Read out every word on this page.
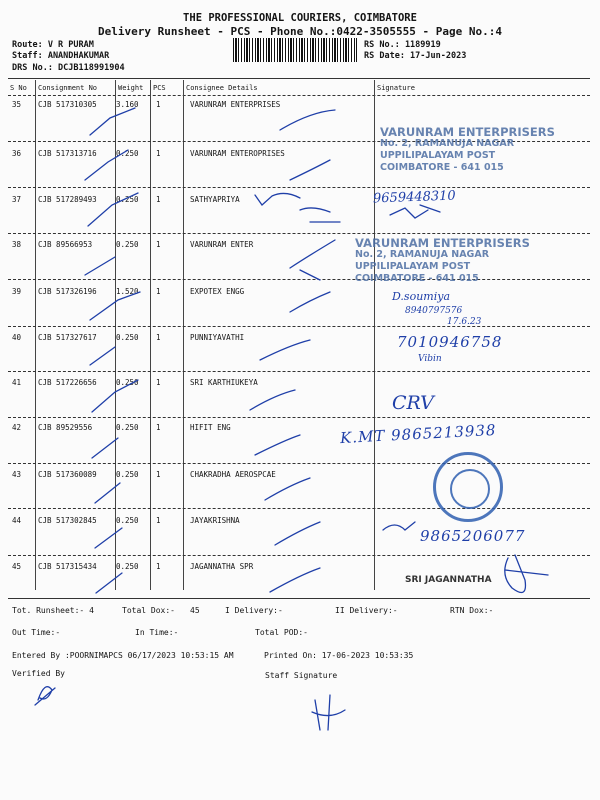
THE PROFESSIONAL COURIERS, COIMBATORE
Delivery Runsheet - PCS - Phone No.:0422-3505555 - Page No.:4
Route: V R PURAM
Staff: ANANDHAKUMAR
DRS No.: DCJB118991904
RS No.: 1189919
RS Date: 17-Jun-2023
S No Consignment No	Weight PCS	Consignee Details	Signature
35 CJB 517310305	3.160 1	VARUNRAM ENTERPRISES
36 CJB 517313716	0.250 1	VARUNRAM ENTEROPRISES
37 CJB 517289493	0.250 1	SATHYAPRIYA
38 CJB 89566953	0.250 1	VARUNRAM ENTER
39 CJB 517326196	1.520 1	EXPOTEX ENGG
40 CJB 517327617	0.250 1	PUNNIYAVATHI
41 CJB 517226656	0.250 1	SRI KARTHIUKEYA
42 CJB 89529556	0.250 1	HIFIT ENG
43 CJB 517360089	0.250 1	CHAKRADHA AEROSPCAE
44 CJB 517302845	0.250 1	JAYAKRISHNA
45 CJB 517315434	0.250 1	JAGANNATHA SPR
VARUNRAM ENTERPRISERS
No. 2, RAMANUJA NAGAR
UPPILIPALAYAM POST
COIMBATORE - 641 015
VARUNRAM ENTERPRISERS
No. 2, RAMANUJA NAGAR
UPPILIPALAYAM POST
COIMBATORE - 641 015
SRI JAGANNATHA
9659448310
D.soumiya
8940797576
17.6.23
7010946758
Vibin
CRV
K.MT 9865213938
9865206077
Tot. Runsheet:- 4	Total Dox:- 45	I Delivery:-	II Delivery:-	RTN Dox:-
Out Time:-	In Time:-	Total POD:-
Entered By :POORNIMAPCS 06/17/2023 10:53:15 AM	Printed On: 17-06-2023 10:53:35
Verified By	Staff Signature
